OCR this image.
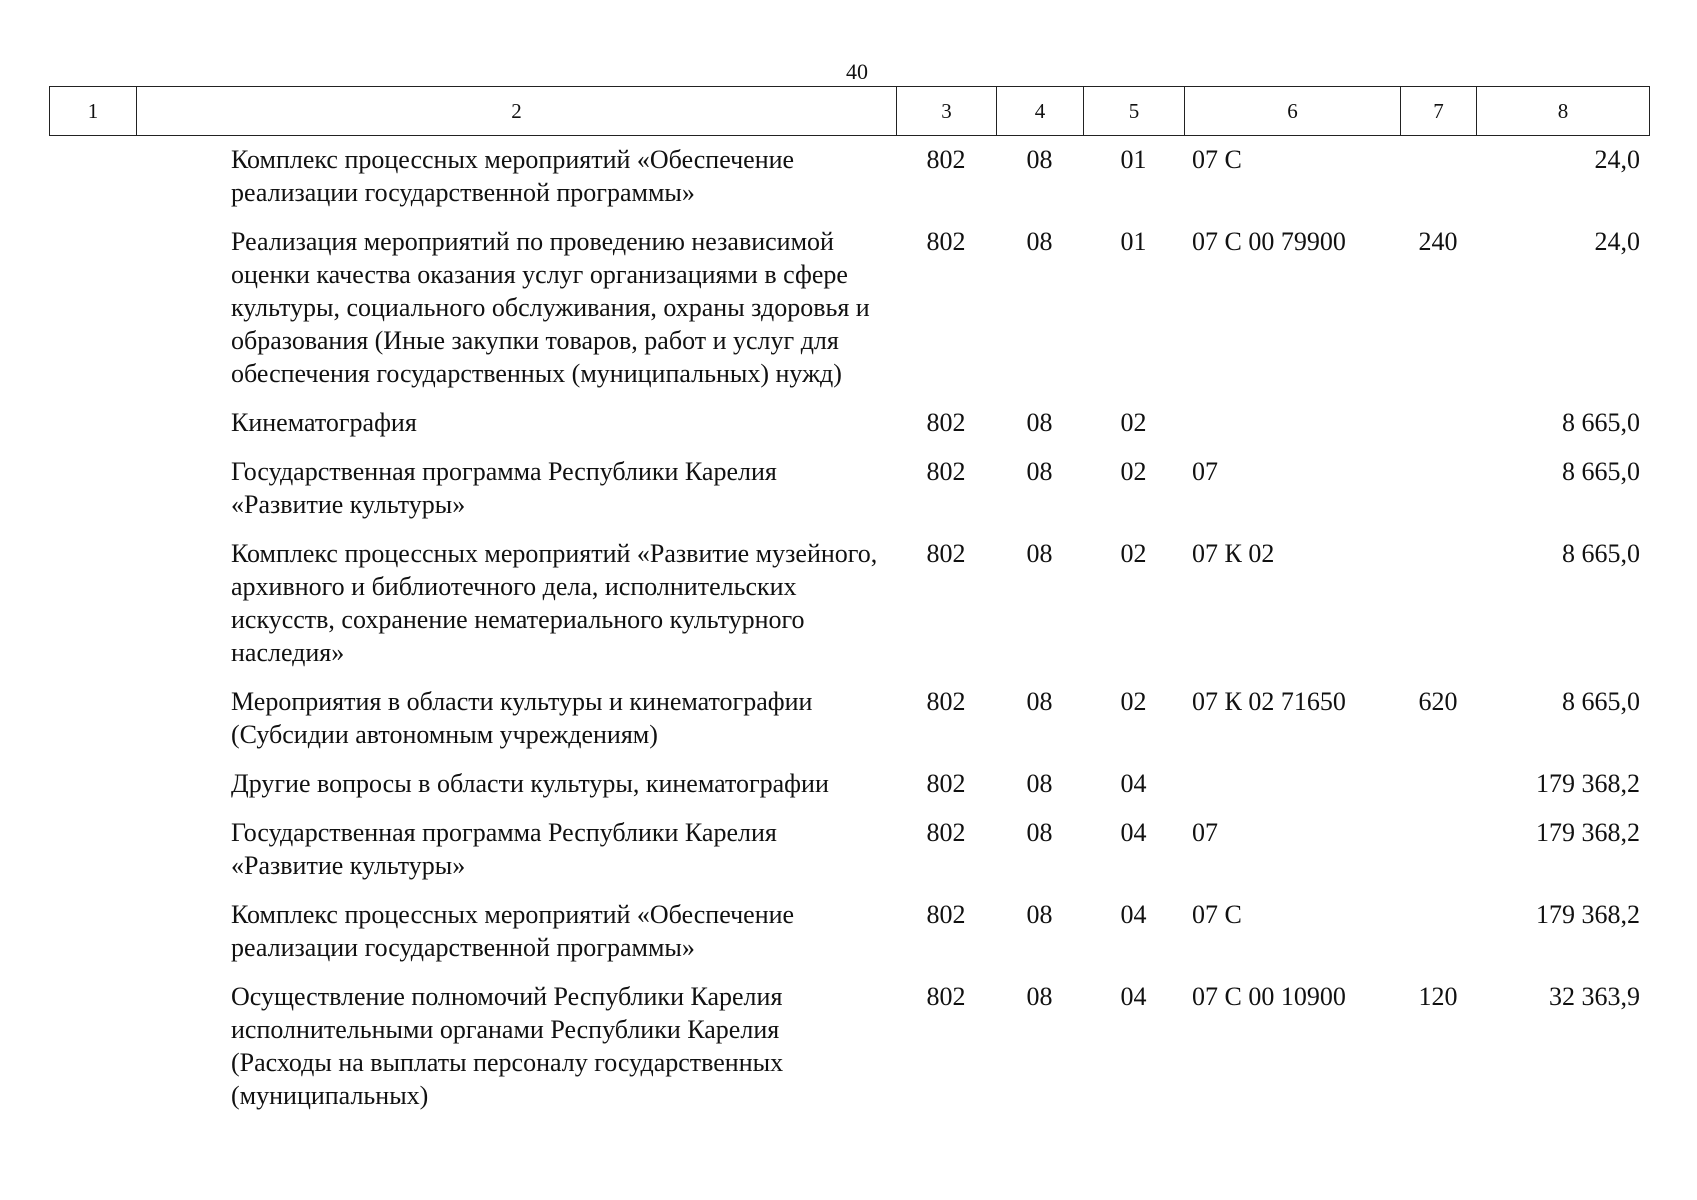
40
1	2	3	4	5	6	7	8
	Комплекс процессных мероприятий «Обеспечение реализации государственной программы»	802	08	01	07 С		24,0
	Реализация мероприятий по проведению независимой оценки качества оказания услуг организациями в сфере культуры, социального обслуживания, охраны здоровья и образования (Иные закупки товаров, работ и услуг для обеспечения государственных (муниципальных) нужд)	802	08	01	07 С 00 79900	240	24,0
	Кинематография	802	08	02			8 665,0
	Государственная программа Республики Карелия «Развитие культуры»	802	08	02	07		8 665,0
	Комплекс процессных мероприятий «Развитие музейного, архивного и библиотечного дела, исполнительских искусств, сохранение нематериального культурного наследия»	802	08	02	07 К 02		8 665,0
	Мероприятия в области культуры и кинематографии (Субсидии автономным учреждениям)	802	08	02	07 К 02 71650	620	8 665,0
	Другие вопросы в области культуры, кинематографии	802	08	04			179 368,2
	Государственная программа Республики Карелия «Развитие культуры»	802	08	04	07		179 368,2
	Комплекс процессных мероприятий «Обеспечение реализации государственной программы»	802	08	04	07 С		179 368,2
	Осуществление полномочий Республики Карелия исполнительными органами Республики Карелия (Расходы на выплаты персоналу государственных (муниципальных)	802	08	04	07 С 00 10900	120	32 363,9
